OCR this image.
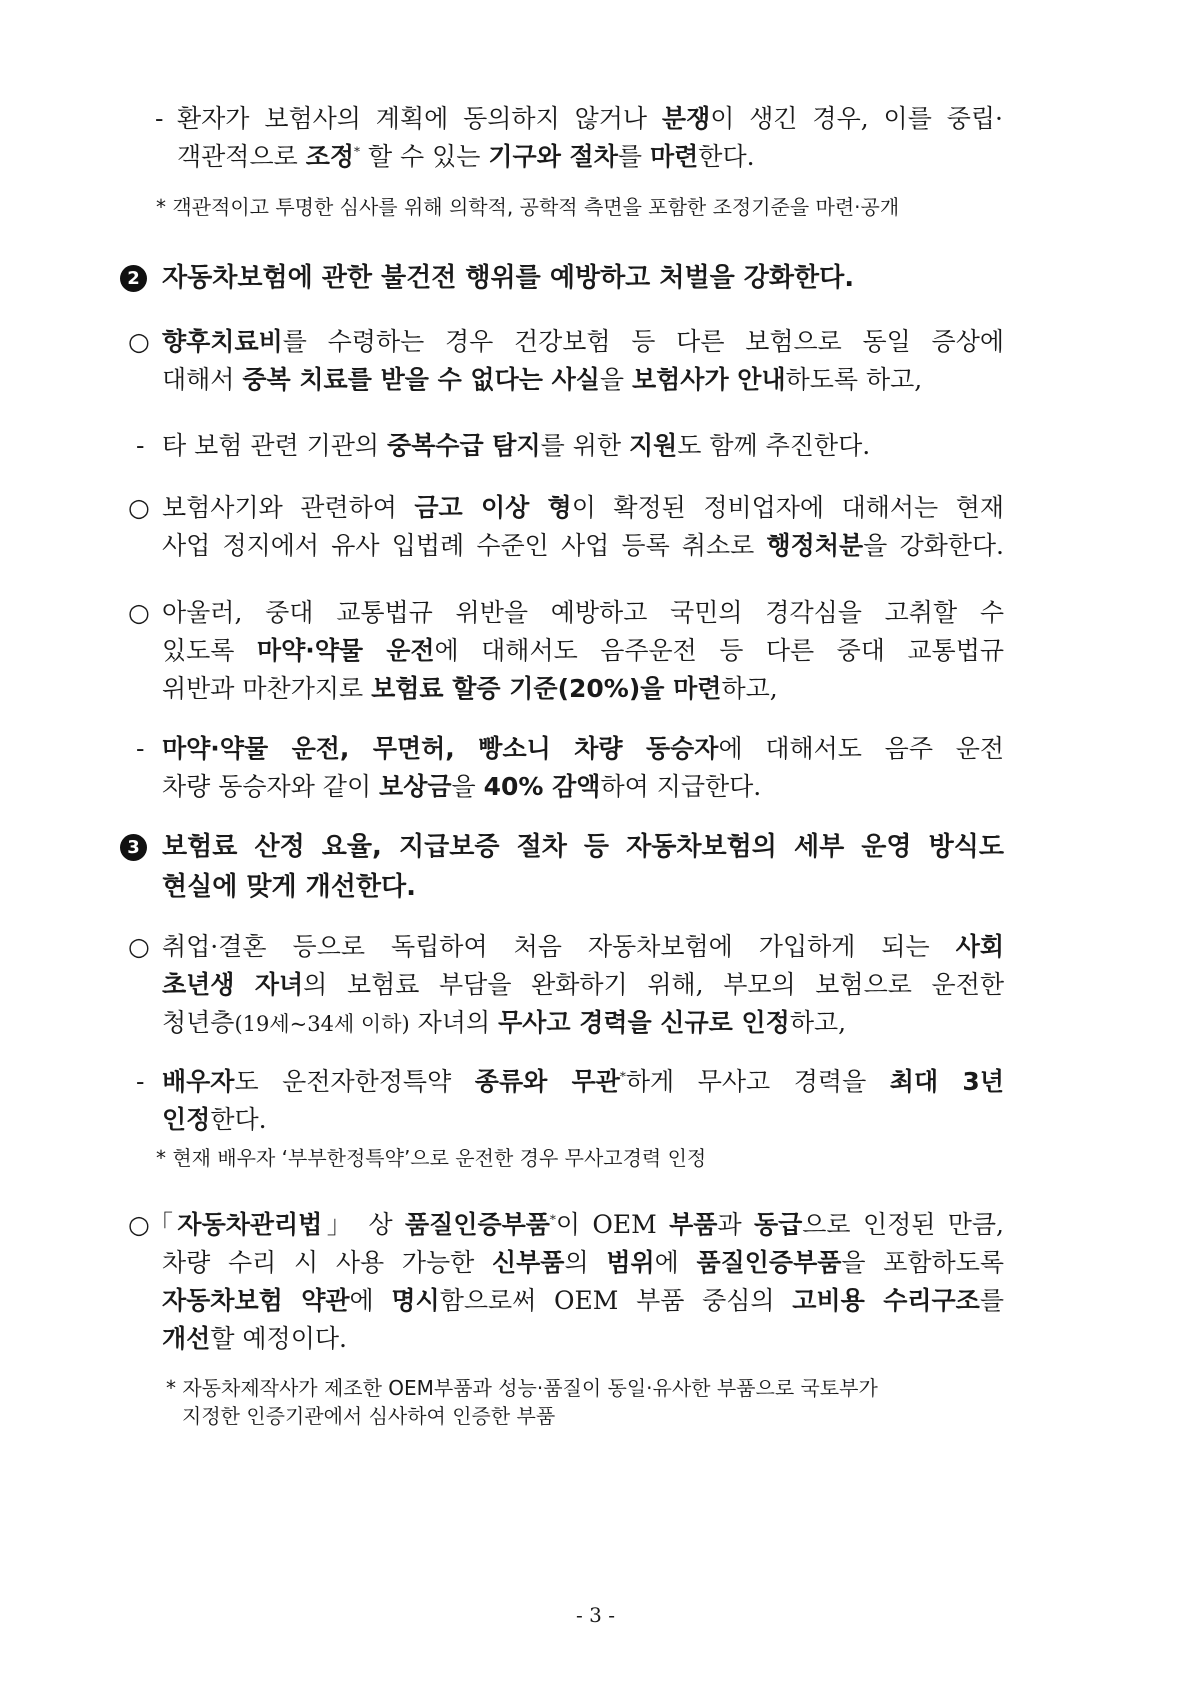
- 환자가 보험사의 계획에 동의하지 않거나 분쟁이 생긴 경우, 이를 중립·
객관적으로 조정* 할 수 있는 기구와 절차를 마련한다.
* 객관적이고 투명한 심사를 위해 의학적, 공학적 측면을 포함한 조정기준을 마련·공개
2 자동차보험에 관한 불건전 행위를 예방하고 처벌을 강화한다.
○ 향후치료비를 수령하는 경우 건강보험 등 다른 보험으로 동일 증상에
대해서 중복 치료를 받을 수 없다는 사실을 보험사가 안내하도록 하고,
- 타 보험 관련 기관의 중복수급 탐지를 위한 지원도 함께 추진한다.
○ 보험사기와 관련하여 금고 이상 형이 확정된 정비업자에 대해서는 현재
사업 정지에서 유사 입법례 수준인 사업 등록 취소로 행정처분을 강화한다.
○ 아울러, 중대 교통법규 위반을 예방하고 국민의 경각심을 고취할 수
있도록 마약·약물 운전에 대해서도 음주운전 등 다른 중대 교통법규
위반과 마찬가지로 보험료 할증 기준(20%)을 마련하고,
- 마약·약물 운전, 무면허, 빵소니 차량 동승자에 대해서도 음주 운전
차량 동승자와 같이 보상금을 40% 감액하여 지급한다.
3 보험료 산정 요율, 지급보증 절차 등 자동차보험의 세부 운영 방식도
현실에 맞게 개선한다.
○ 취업·결혼 등으로 독립하여 처음 자동차보험에 가입하게 되는 사회
초년생 자녀의 보험료 부담을 완화하기 위해, 부모의 보험으로 운전한
청년층(19세~34세 이하) 자녀의 무사고 경력을 신규로 인정하고,
- 배우자도 운전자한정특약 종류와 무관*하게 무사고 경력을 최대 3년
인정한다.
* 현재 배우자 ‘부부한정특약’으로 운전한 경우 무사고경력 인정
○
「자동차관리법」 상 품질인증부품*이 OEM 부품과 동급으로 인정된 만큼,
차량 수리 시 사용 가능한 신부품의 범위에 품질인증부품을 포함하도록
자동차보험 약관에 명시함으로써 OEM 부품 중심의 고비용 수리구조를
개선할 예정이다.
* 자동차제작사가 제조한 OEM부품과 성능·품질이 동일·유사한 부품으로 국토부가
지정한 인증기관에서 심사하여 인증한 부품
- 3 -
